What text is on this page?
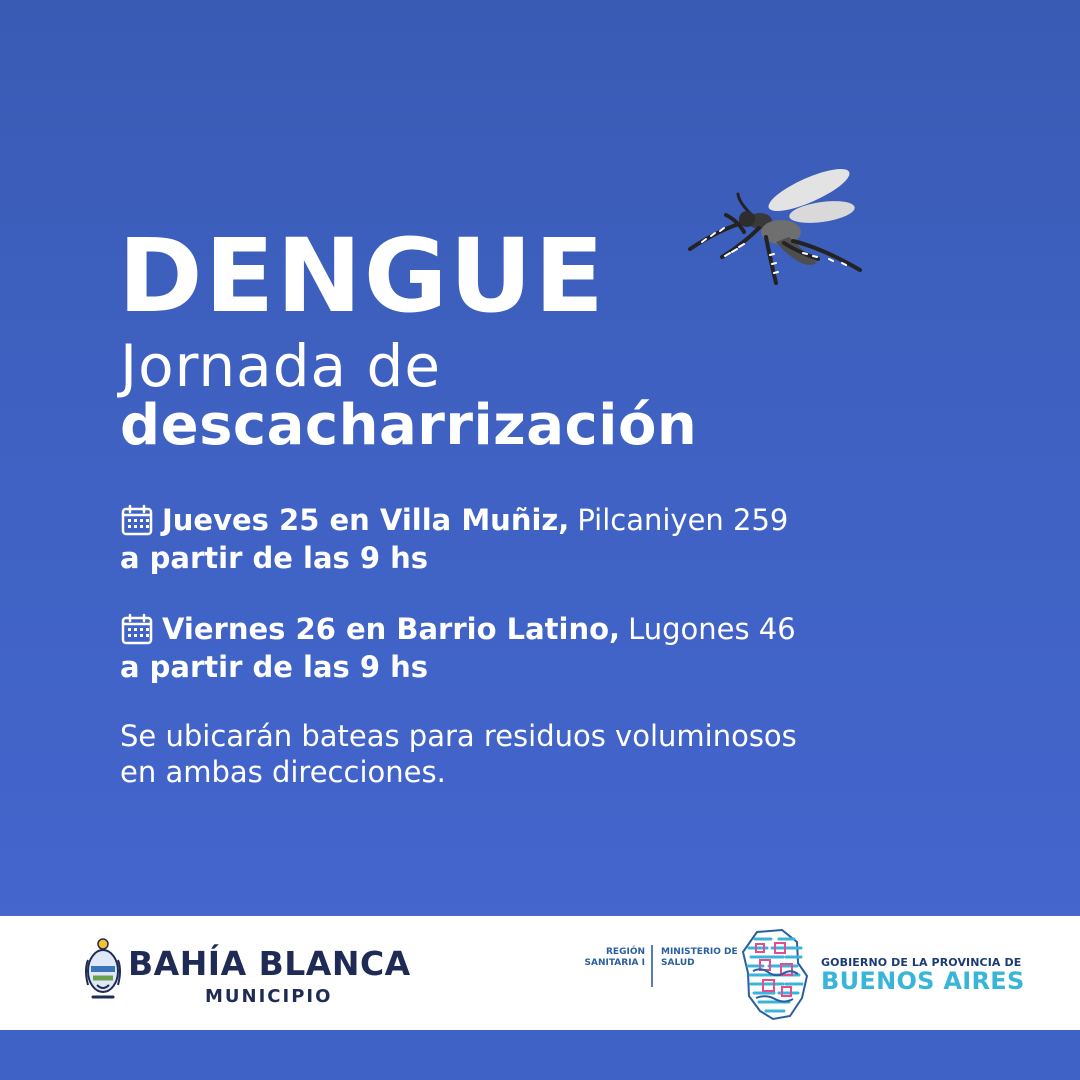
DENGUE
Jornada de
descacharrización
Jueves 25 en Villa Muñiz, Pilcaniyen 259
a partir de las 9 hs
Viernes 26 en Barrio Latino, Lugones 46
a partir de las 9 hs
Se ubicarán bateas para residuos voluminosos
en ambas direcciones.
BAHÍA BLANCA
MUNICIPIO
REGIÓN
SANITARIA I
MINISTERIO DE
SALUD	GOBIERNO DE LA PROVINCIA DE
BUENOS AIRES
